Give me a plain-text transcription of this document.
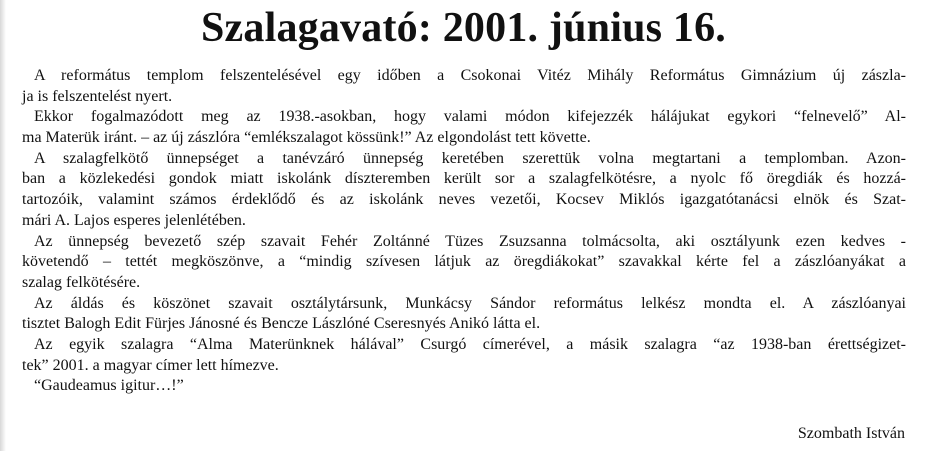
Szalagavató: 2001. június 16.

A református templom felszentelésével egy időben a Csokonai Vitéz Mihály Református Gimnázium új zászla-
ja is felszentelést nyert.

Ekkor fogalmazódott meg az 1938.-asokban, hogy valami módon kifejezzék hálájukat egykori “felnevelő” Al-
ma Materük iránt. – az új zászlóra “emlékszalagot kössünk!” Az elgondolást tett követte.

A szalagfelkötő ünnepséget a tanévzáró ünnepség keretében szerettük volna megtartani a templomban. Azon-
ban a közlekedési gondok miatt iskolánk díszteremben került sor a szalagfelkötésre, a nyolc fő öregdiák és hozzá-
tartozóik, valamint számos érdeklődő és az iskolánk neves vezetői, Kocsev Miklós igazgatótanácsi elnök és Szat-
mári A. Lajos esperes jelenlétében.

Az ünnepség bevezető szép szavait Fehér Zoltánné Tüzes Zsuzsanna tolmácsolta, aki osztályunk ezen kedves -
követendő – tettét megköszönve, a “mindig szívesen látjuk az öregdiákokat” szavakkal kérte fel a zászlóanyákat a
szalag felkötésére.

Az áldás és köszönet szavait osztálytársunk, Munkácsy Sándor református lelkész mondta el. A zászlóanyai
tisztet Balogh Edit Fürjes Jánosné és Bencze Lászlóné Cseresnyés Anikó látta el.

Az egyik szalagra “Alma Materünknek hálával” Csurgó címerével, a másik szalagra “az 1938-ban érettségizet-
tek” 2001. a magyar címer lett hímezve.

“Gaudeamus igitur…!”

Szombath István
